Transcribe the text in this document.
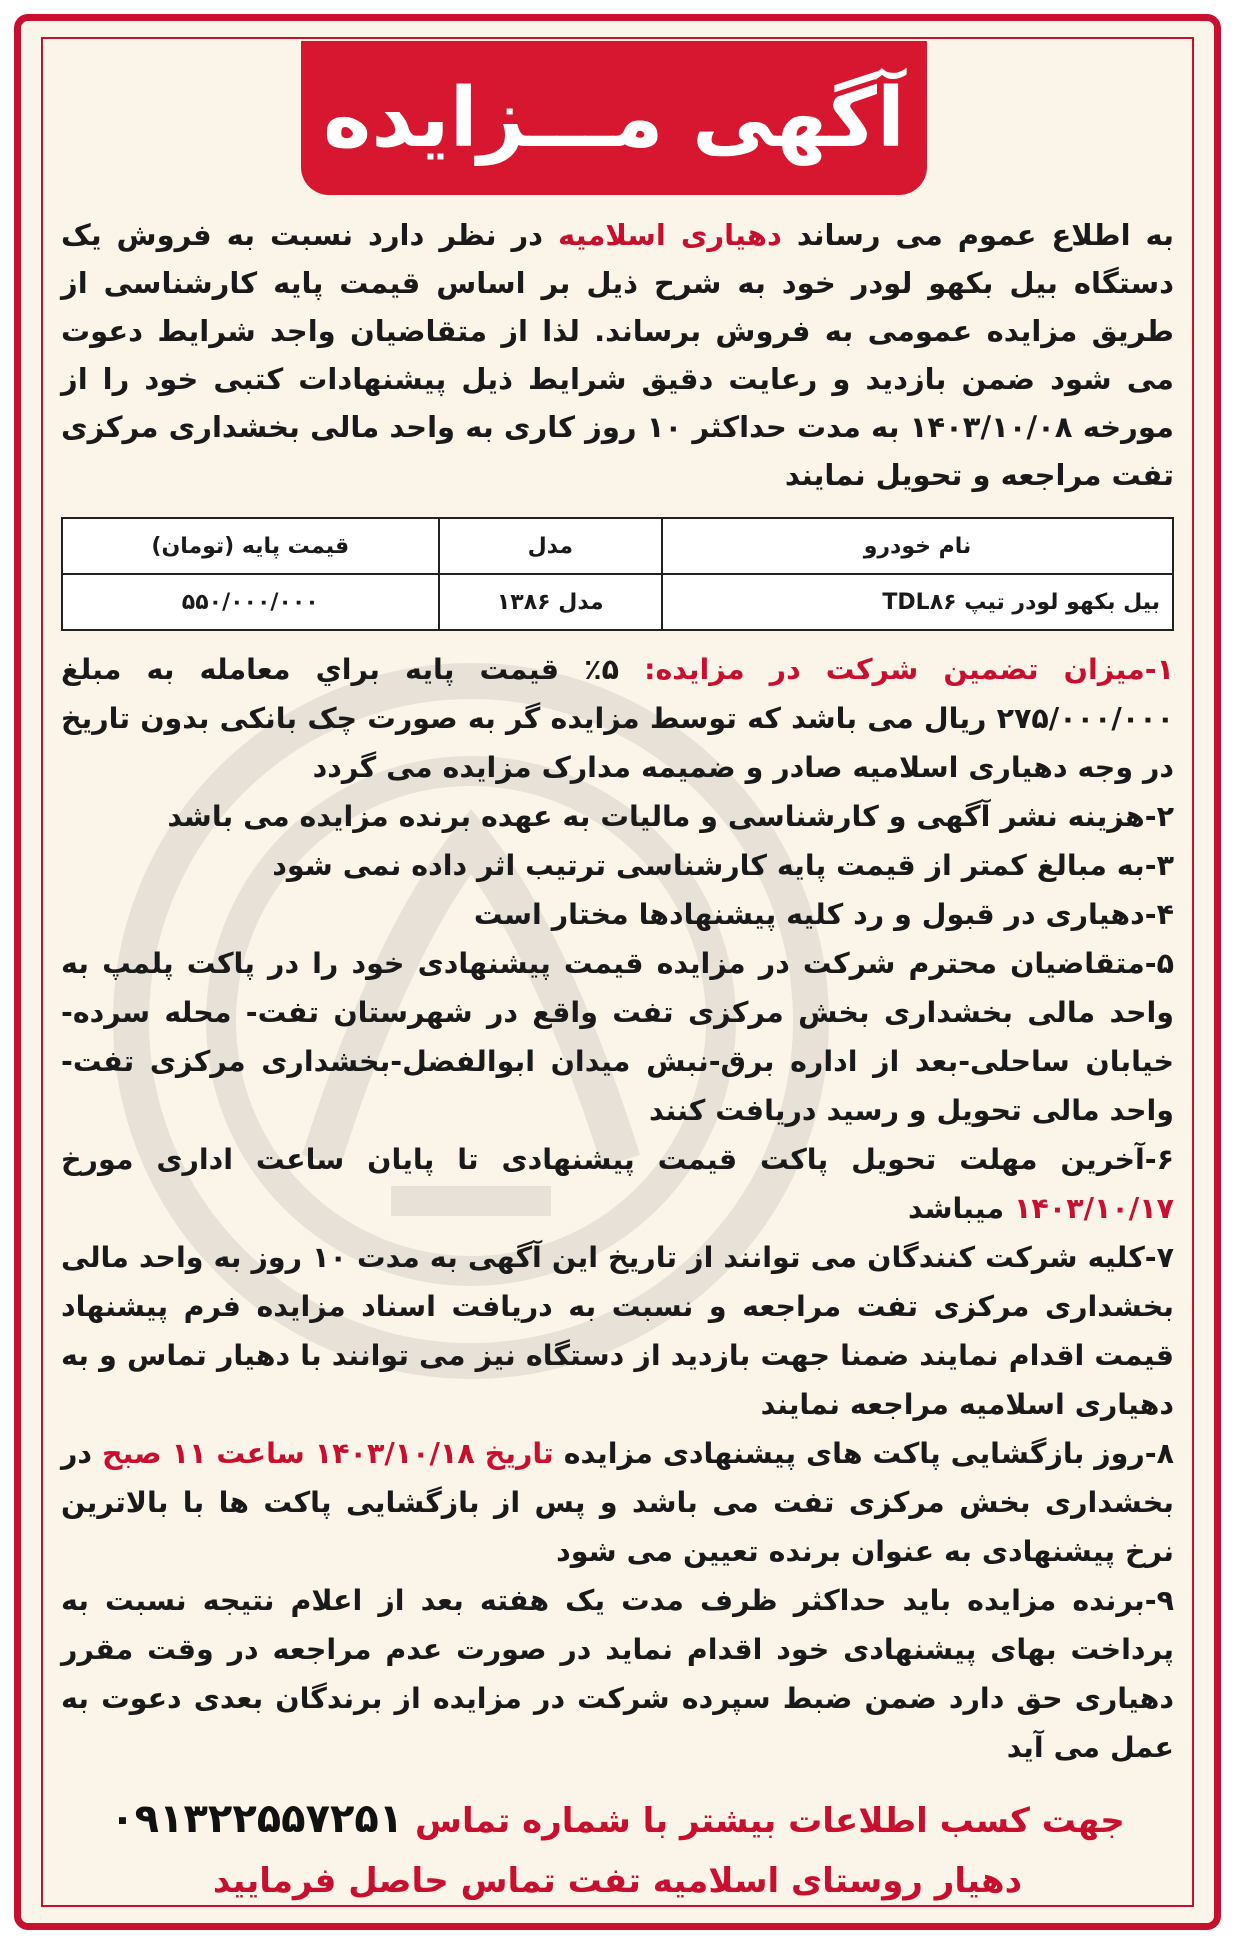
آگهی مـــزایده

به اطلاع عموم می رساند دهیاری اسلامیه در نظر دارد نسبت به فروش یک دستگاه بیل بکهو لودر خود به شرح ذیل بر اساس قیمت پایه کارشناسی از طریق مزایده عمومی به فروش برساند. لذا از متقاضیان واجد شرایط دعوت می شود ضمن بازدید و رعایت دقیق شرایط ذیل پیشنهادات کتبی خود را از مورخه ۱۴۰۳/۱۰/۰۸ به مدت حداکثر ۱۰ روز کاری به واحد مالی بخشداری مرکزی تفت مراجعه و تحویل نمایند

نام خودرو	مدل	قیمت پایه (تومان)
بیل بکهو لودر تیپ TDL۸۶	مدل ۱۳۸۶	۵۵۰/۰۰۰/۰۰۰

۱-میزان تضمین شرکت در مزایده: ۵٪ قیمت پایه براي معامله به مبلغ ۲۷۵/۰۰۰/۰۰۰ ریال می باشد که توسط مزایده گر به صورت چک بانکی بدون تاریخ در وجه دهیاری اسلامیه صادر و ضمیمه مدارک مزایده می گردد

۲-هزینه نشر آگهی و کارشناسی و مالیات به عهده برنده مزایده می باشد

۳-به مبالغ کمتر از قیمت پایه کارشناسی ترتیب اثر داده نمی شود

۴-دهیاری در قبول و رد کلیه پیشنهادها مختار است

۵-متقاضیان محترم شرکت در مزایده قیمت پیشنهادی خود را در پاکت پلمپ به واحد مالی بخشداری بخش مرکزی تفت واقع در شهرستان تفت- محله سرده- خیابان ساحلی-بعد از اداره برق-نبش میدان ابوالفضل-بخشداری مرکزی تفت- واحد مالی تحویل و رسید دریافت کنند

۶-آخرین مهلت تحویل پاکت قیمت پیشنهادی تا پایان ساعت اداری مورخ ۱۴۰۳/۱۰/۱۷ میباشد

۷-کلیه شرکت کنندگان می توانند از تاریخ این آگهی به مدت ۱۰ روز به واحد مالی بخشداری مرکزی تفت مراجعه و نسبت به دریافت اسناد مزایده فرم پیشنهاد قیمت اقدام نمایند ضمنا جهت بازدید از دستگاه نیز می توانند با دهیار تماس و به دهیاری اسلامیه مراجعه نمایند

۸-روز بازگشایی پاکت های پیشنهادی مزایده تاریخ ۱۴۰۳/۱۰/۱۸ ساعت ۱۱ صبح در بخشداری بخش مرکزی تفت می باشد و پس از بازگشایی پاکت ها با بالاترین نرخ پیشنهادی به عنوان برنده تعیین می شود

۹-برنده مزایده باید حداکثر ظرف مدت یک هفته بعد از اعلام نتیجه نسبت به پرداخت بهای پیشنهادی خود اقدام نماید در صورت عدم مراجعه در وقت مقرر دهیاری حق دارد ضمن ضبط سپرده شرکت در مزایده از برندگان بعدی دعوت به عمل می آید

جهت کسب اطلاعات بیشتر با شماره تماس ۰۹۱۳۲۲۵۵۷۲۵۱
دهیار روستای اسلامیه تفت تماس حاصل فرمایید
